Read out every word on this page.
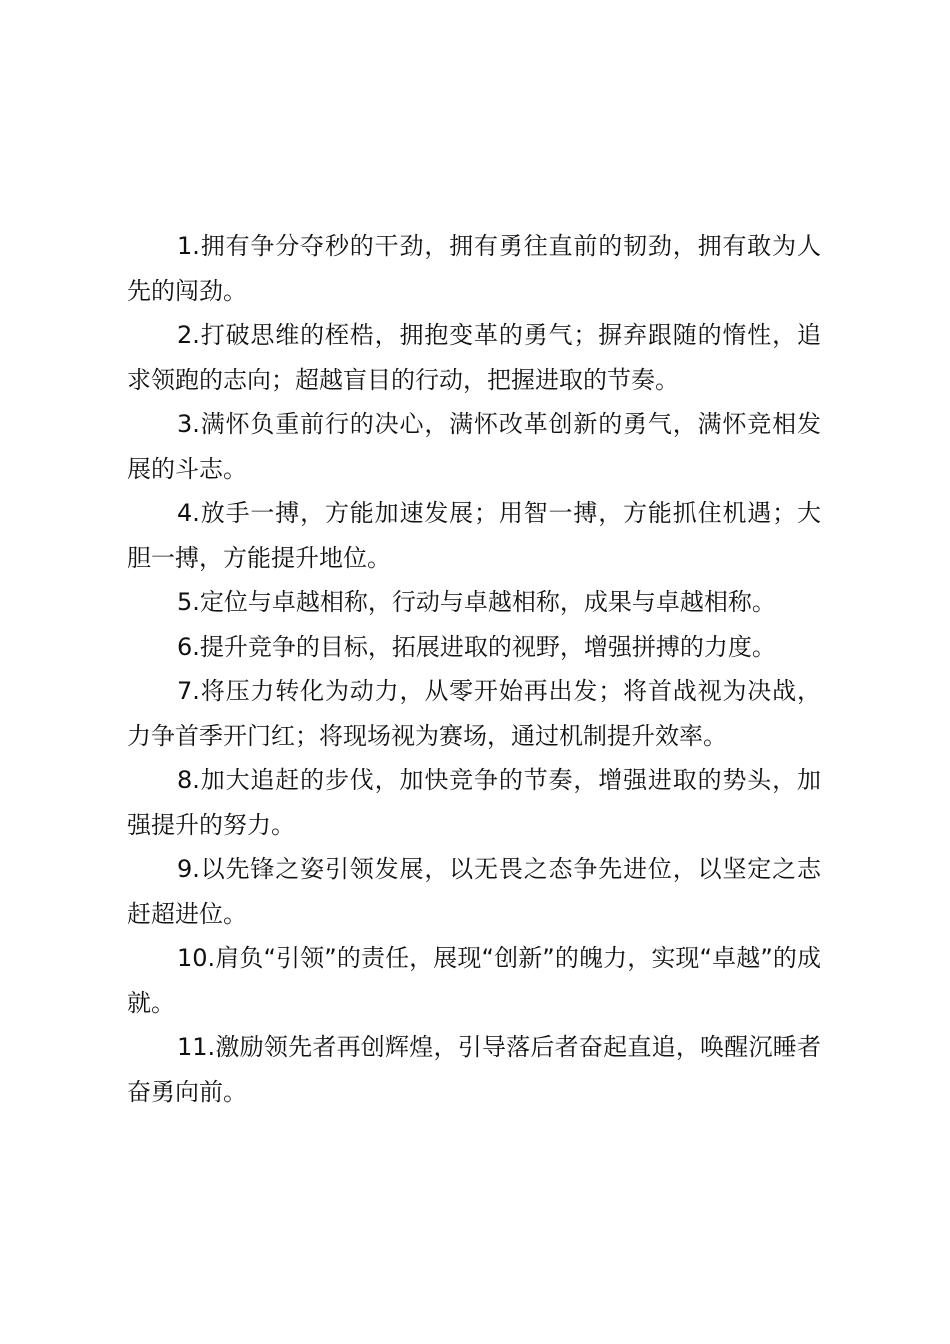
1.拥有争分夺秒的干劲，拥有勇往直前的韧劲，拥有敢为人先的闯劲。

2.打破思维的桎梏，拥抱变革的勇气；摒弃跟随的惰性，追求领跑的志向；超越盲目的行动，把握进取的节奏。

3.满怀负重前行的决心，满怀改革创新的勇气，满怀竞相发展的斗志。

4.放手一搏，方能加速发展；用智一搏，方能抓住机遇；大胆一搏，方能提升地位。

5.定位与卓越相称，行动与卓越相称，成果与卓越相称。

6.提升竞争的目标，拓展进取的视野，增强拼搏的力度。

7.将压力转化为动力，从零开始再出发；将首战视为决战，力争首季开门红；将现场视为赛场，通过机制提升效率。

8.加大追赶的步伐，加快竞争的节奏，增强进取的势头，加强提升的努力。

9.以先锋之姿引领发展，以无畏之态争先进位，以坚定之志赶超进位。

10.肩负“引领”的责任，展现“创新”的魄力，实现“卓越”的成就。

11.激励领先者再创辉煌，引导落后者奋起直追，唤醒沉睡者奋勇向前。
